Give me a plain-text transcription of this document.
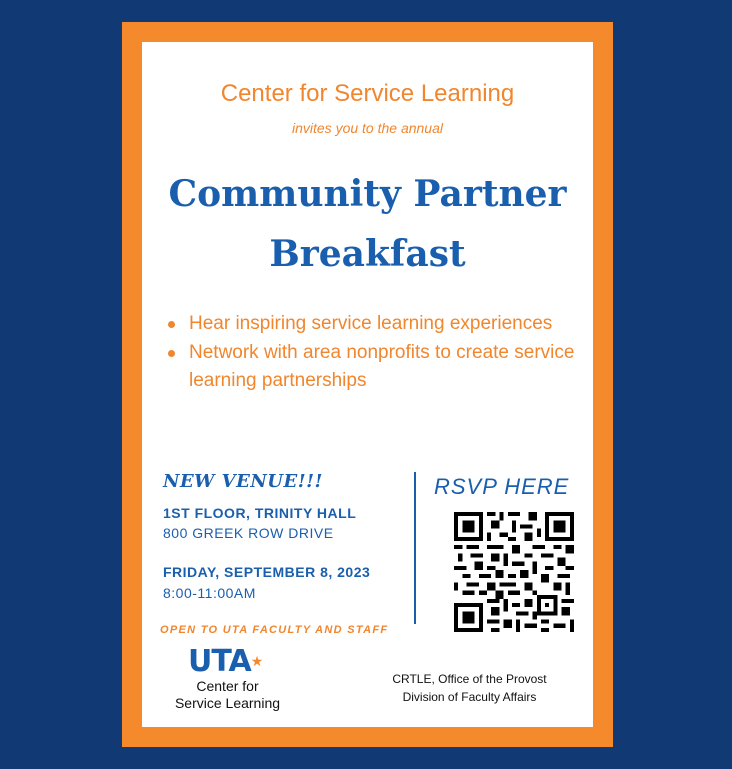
Center for Service Learning
invites you to the annual
Community Partner
Breakfast
Hear inspiring service learning experiences
Network with area nonprofits to create service learning partnerships
NEW VENUE!!!
1ST FLOOR, TRINITY HALL
800 GREEK ROW DRIVE
FRIDAY, SEPTEMBER 8, 2023
8:00-11:00AM
RSVP HERE
OPEN TO UTA FACULTY AND STAFF
UTA★
Center for
Service Learning
CRTLE, Office of the Provost
Division of Faculty Affairs
